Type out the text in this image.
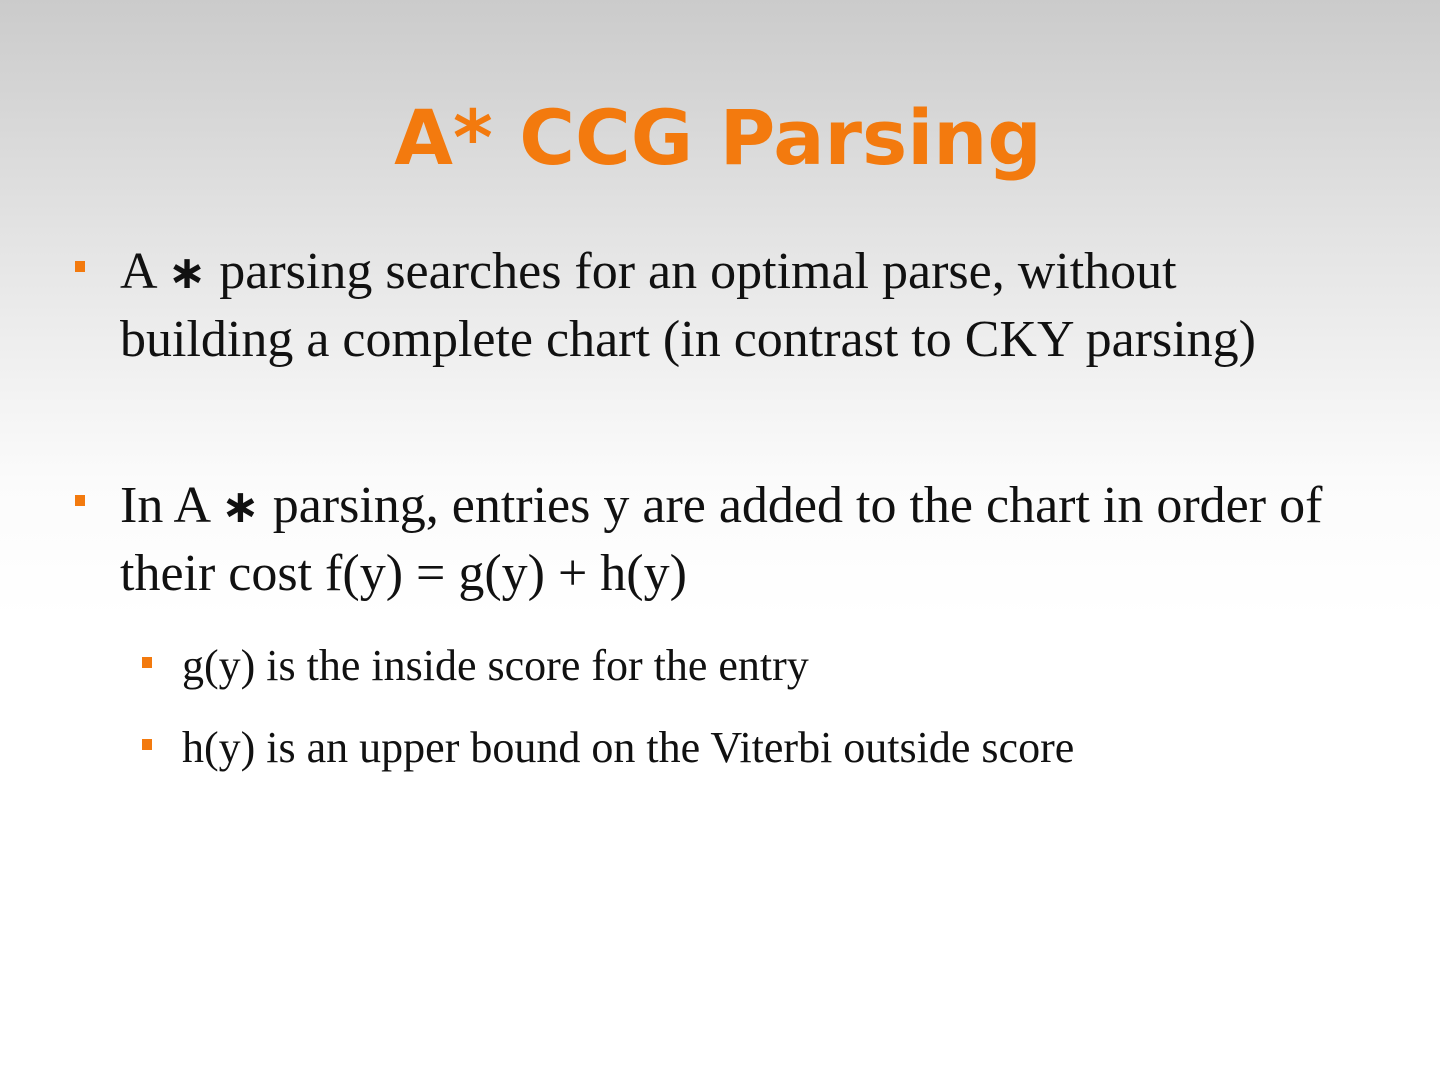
A* CCG Parsing
A ∗ parsing searches for an optimal parse, without building a complete chart (in contrast to CKY parsing)
In A ∗ parsing, entries y are added to the chart in order of their cost f(y) = g(y) + h(y)
g(y) is the inside score for the entry
h(y) is an upper bound on the Viterbi outside score
